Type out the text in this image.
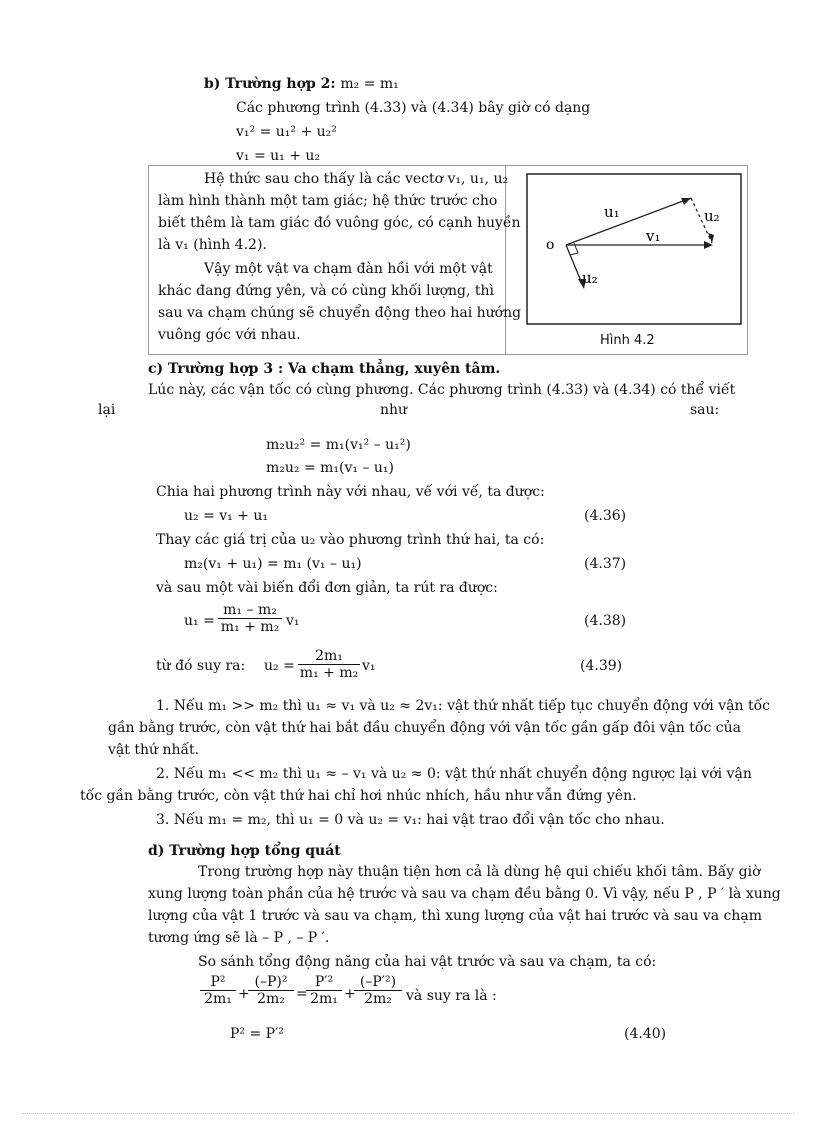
b) Trường hợp 2: m₂ = m₁
Các phương trình (4.33) và (4.34) bây giờ có dạng
v₁² = u₁² + u₂²
v₁ = u₁ + u₂
Hệ thức sau cho thấy là các vectơ v₁, u₁, u₂
làm hình thành một tam giác; hệ thức trước cho
biết thêm là tam giác đó vuông góc, có cạnh huyền
là v₁ (hình 4.2).
Vậy một vật va chạm đàn hồi với một vật
khác đang đứng yên, và có cùng khối lượng, thì
sau va chạm chúng sẽ chuyển động theo hai hướng
vuông góc với nhau.
o
u₁
v₁
u₂
u₂
Hình 4.2
c) Trường hợp 3 : Va chạm thẳng, xuyên tâm.
Lúc này, các vận tốc có cùng phương. Các phương trình (4.33) và (4.34) có thể viết
lại	như	sau:
m₂u₂² = m₁(v₁² – u₁²)
m₂u₂ = m₁(v₁ – u₁)
Chia hai phương trình này với nhau, vế với vế, ta được:
u₂ = v₁ + u₁	(4.36)
Thay các giá trị của u₂ vào phương trình thứ hai, ta có:
m₂(v₁ + u₁) = m₁ (v₁ – u₁)	(4.37)
và sau một vài biến đổi đơn giản, ta rút ra được:
$u_1 = \frac{\text{m₁ – m₂}}{\text{m₁ + m₂}} v_1$	(4.38)
từ đó suy ra: $u_2 = \frac{\text{2m₁}}{\text{m₁ + m₂}} v_1$	(4.39)
1. Nếu m₁ >> m₂ thì u₁ ≈ v₁ và u₂ ≈ 2v₁: vật thứ nhất tiếp tục chuyển động với vận tốc
gần bằng trước, còn vật thứ hai bắt đầu chuyển động với vận tốc gần gấp đôi vận tốc của
vật thứ nhất.
2. Nếu m₁ << m₂ thì u₁ ≈ – v₁ và u₂ ≈ 0: vật thứ nhất chuyển động ngược lại với vận
tốc gần bằng trước, còn vật thứ hai chỉ hơi nhúc nhích, hầu như vẫn đứng yên.
3. Nếu m₁ = m₂, thì u₁ = 0 và u₂ = v₁: hai vật trao đổi vận tốc cho nhau.
d) Trường hợp tổng quát
Trong trường hợp này thuận tiện hơn cả là dùng hệ qui chiếu khối tâm. Bấy giờ
xung lượng toàn phần của hệ trước và sau va chạm đều bằng 0. Vì vậy, nếu P , P ′ là xung
lượng của vật 1 trước và sau va chạm, thì xung lượng của vật hai trước và sau va chạm
tương ứng sẽ là – P , – P ′.
So sánh tổng động năng của hai vật trước và sau va chạm, ta có:
$\frac{\text{P²}}{\text{2m₁}}$ +
$\frac{\text{(–P)²}}{\text{2m₂}}$ =
$\frac{\text{P′²}}{\text{2m₁}}$ +
$\frac{\text{(–P′²)}}{\text{2m₂}}$ và suy ra là :
P² = P′²	(4.40)
